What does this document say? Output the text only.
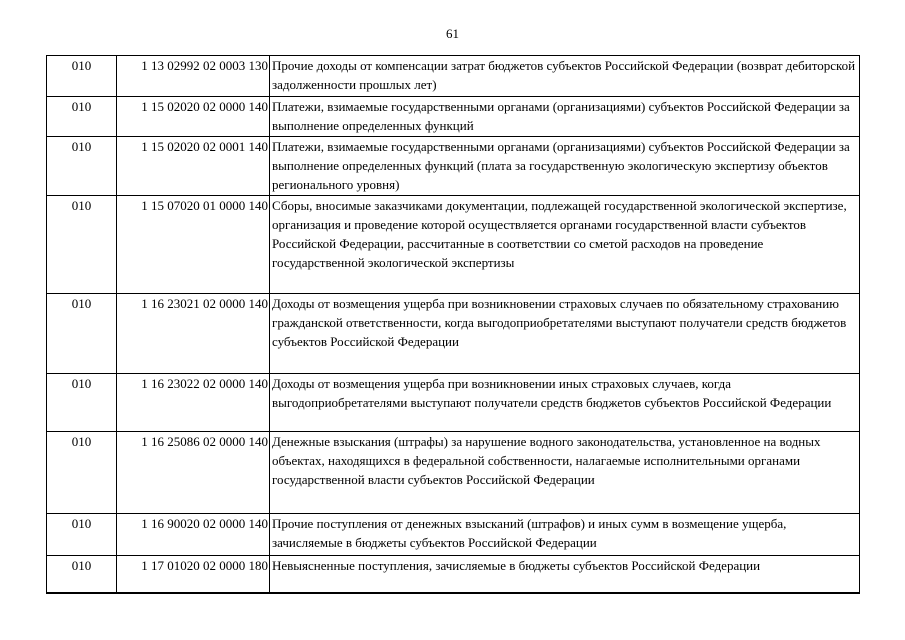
61
010	1 13 02992 02 0003 130	Прочие доходы от компенсации затрат бюджетов субъектов Российской Федерации (возврат дебиторской задолженности прошлых лет)
010	1 15 02020 02 0000 140	Платежи, взимаемые государственными органами (организациями) субъектов Российской Федерации за выполнение определенных функций
010	1 15 02020 02 0001 140	Платежи, взимаемые государственными органами (организациями) субъектов Российской Федерации за выполнение определенных функций (плата за государственную экологическую экспертизу объектов регионального уровня)
010	1 15 07020 01 0000 140	Сборы, вносимые заказчиками документации, подлежащей государственной экологической экспертизе, организация и проведение которой осуществляется органами государственной власти субъектов Российской Федерации, рассчитанные в соответствии со сметой расходов на проведение государственной экологической экспертизы
010	1 16 23021 02 0000 140	Доходы от возмещения ущерба при возникновении страховых случаев по обязательному страхованию гражданской ответственности, когда выгодоприобретателями выступают получатели средств бюджетов субъектов Российской Федерации
010	1 16 23022 02 0000 140	Доходы от возмещения ущерба при возникновении иных страховых случаев, когда выгодоприобретателями выступают получатели средств бюджетов субъектов Российской Федерации
010	1 16 25086 02 0000 140	Денежные взыскания (штрафы) за нарушение водного законодательства, установленное на водных объектах, находящихся в федеральной собственности, налагаемые исполнительными органами государственной власти субъектов Российской Федерации
010	1 16 90020 02 0000 140	Прочие поступления от денежных взысканий (штрафов) и иных сумм в возмещение ущерба, зачисляемые в бюджеты субъектов Российской Федерации
010	1 17 01020 02 0000 180	Невыясненные поступления, зачисляемые в бюджеты субъектов Российской Федерации
